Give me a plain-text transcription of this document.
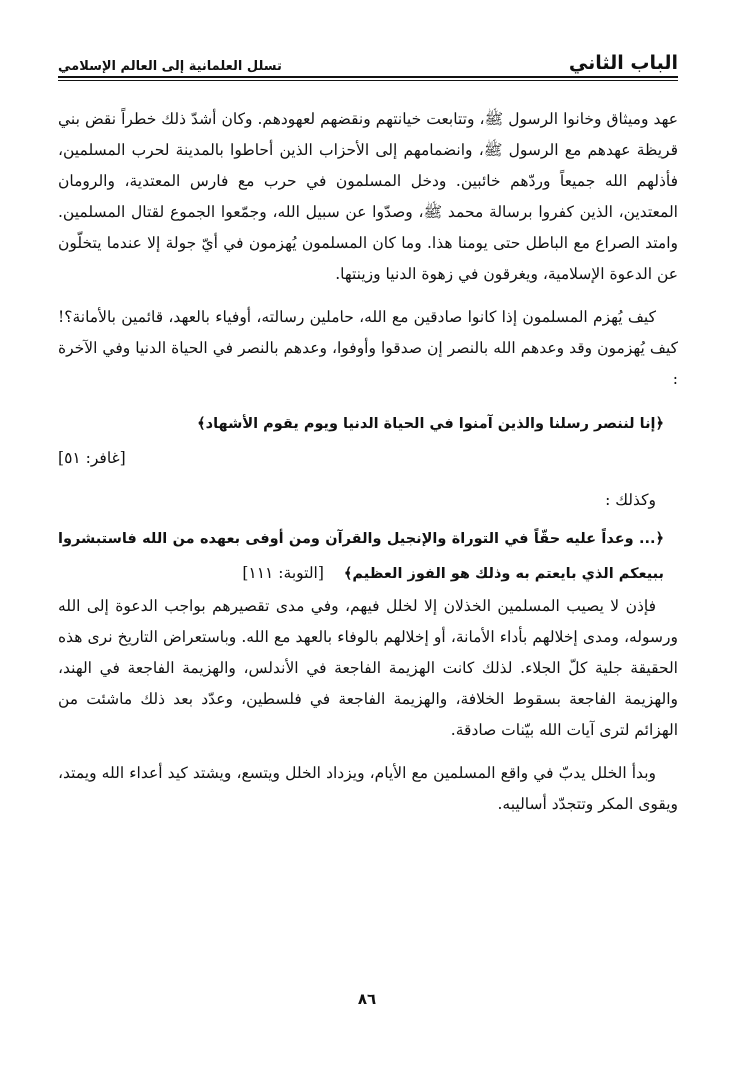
الباب الثاني
تسلل العلمانية إلى العالم الإسلامي

عهد وميثاق وخانوا الرسول ﷺ، وتتابعت خيانتهم ونقضهم لعهودهم. وكان أشدّ ذلك خطراً نقض بني قريظة عهدهم مع الرسول ﷺ، وانضمامهم إلى الأحزاب الذين أحاطوا بالمدينة لحرب المسلمين، فأذلهم الله جميعاً وردّهم خائبين. ودخل المسلمون في حرب مع فارس المعتدية، والرومان المعتدين، الذين كفروا برسالة محمد ﷺ، وصدّوا عن سبيل الله، وجمّعوا الجموع لقتال المسلمين. وامتد الصراع مع الباطل حتى يومنا هذا. وما كان المسلمون يُهزمون في أيّ جولة إلا عندما يتخلّون عن الدعوة الإسلامية، ويغرقون في زهوة الدنيا وزينتها.

كيف يُهزم المسلمون إذا كانوا صادقين مع الله، حاملين رسالته، أوفياء بالعهد، قائمين بالأمانة؟! كيف يُهزمون وقد وعدهم الله بالنصر إن صدقوا وأوفوا، وعدهم بالنصر في الحياة الدنيا وفي الآخرة :

﴿إنا لننصر رسلنا والذين آمنوا في الحياة الدنيا ويوم يقوم الأشهاد﴾

[غافر: ٥١]

وكذلك :

﴿... وعداً عليه حقّاً في التوراة والإنجيل والقرآن ومن أوفى بعهده من الله فاستبشروا ببيعكم الذي بايعتم به وذلك هو الفوز العظيم﴾[التوبة: ١١١]

فإذن لا يصيب المسلمين الخذلان إلا لخلل فيهم، وفي مدى تقصيرهم بواجب الدعوة إلى الله ورسوله، ومدى إخلالهم بأداء الأمانة، أو إخلالهم بالوفاء بالعهد مع الله. وباستعراض التاريخ نرى هذه الحقيقة جلية كلّ الجلاء. لذلك كانت الهزيمة الفاجعة في الأندلس، والهزيمة الفاجعة في الهند، والهزيمة الفاجعة بسقوط الخلافة، والهزيمة الفاجعة في فلسطين، وعدّد بعد ذلك ماشئت من الهزائم لترى آيات الله بيّنات صادقة.

وبدأ الخلل يدبّ في واقع المسلمين مع الأيام، ويزداد الخلل ويتسع، ويشتد كيد أعداء الله ويمتد، ويقوى المكر وتتجدّد أساليبه.

٨٦
